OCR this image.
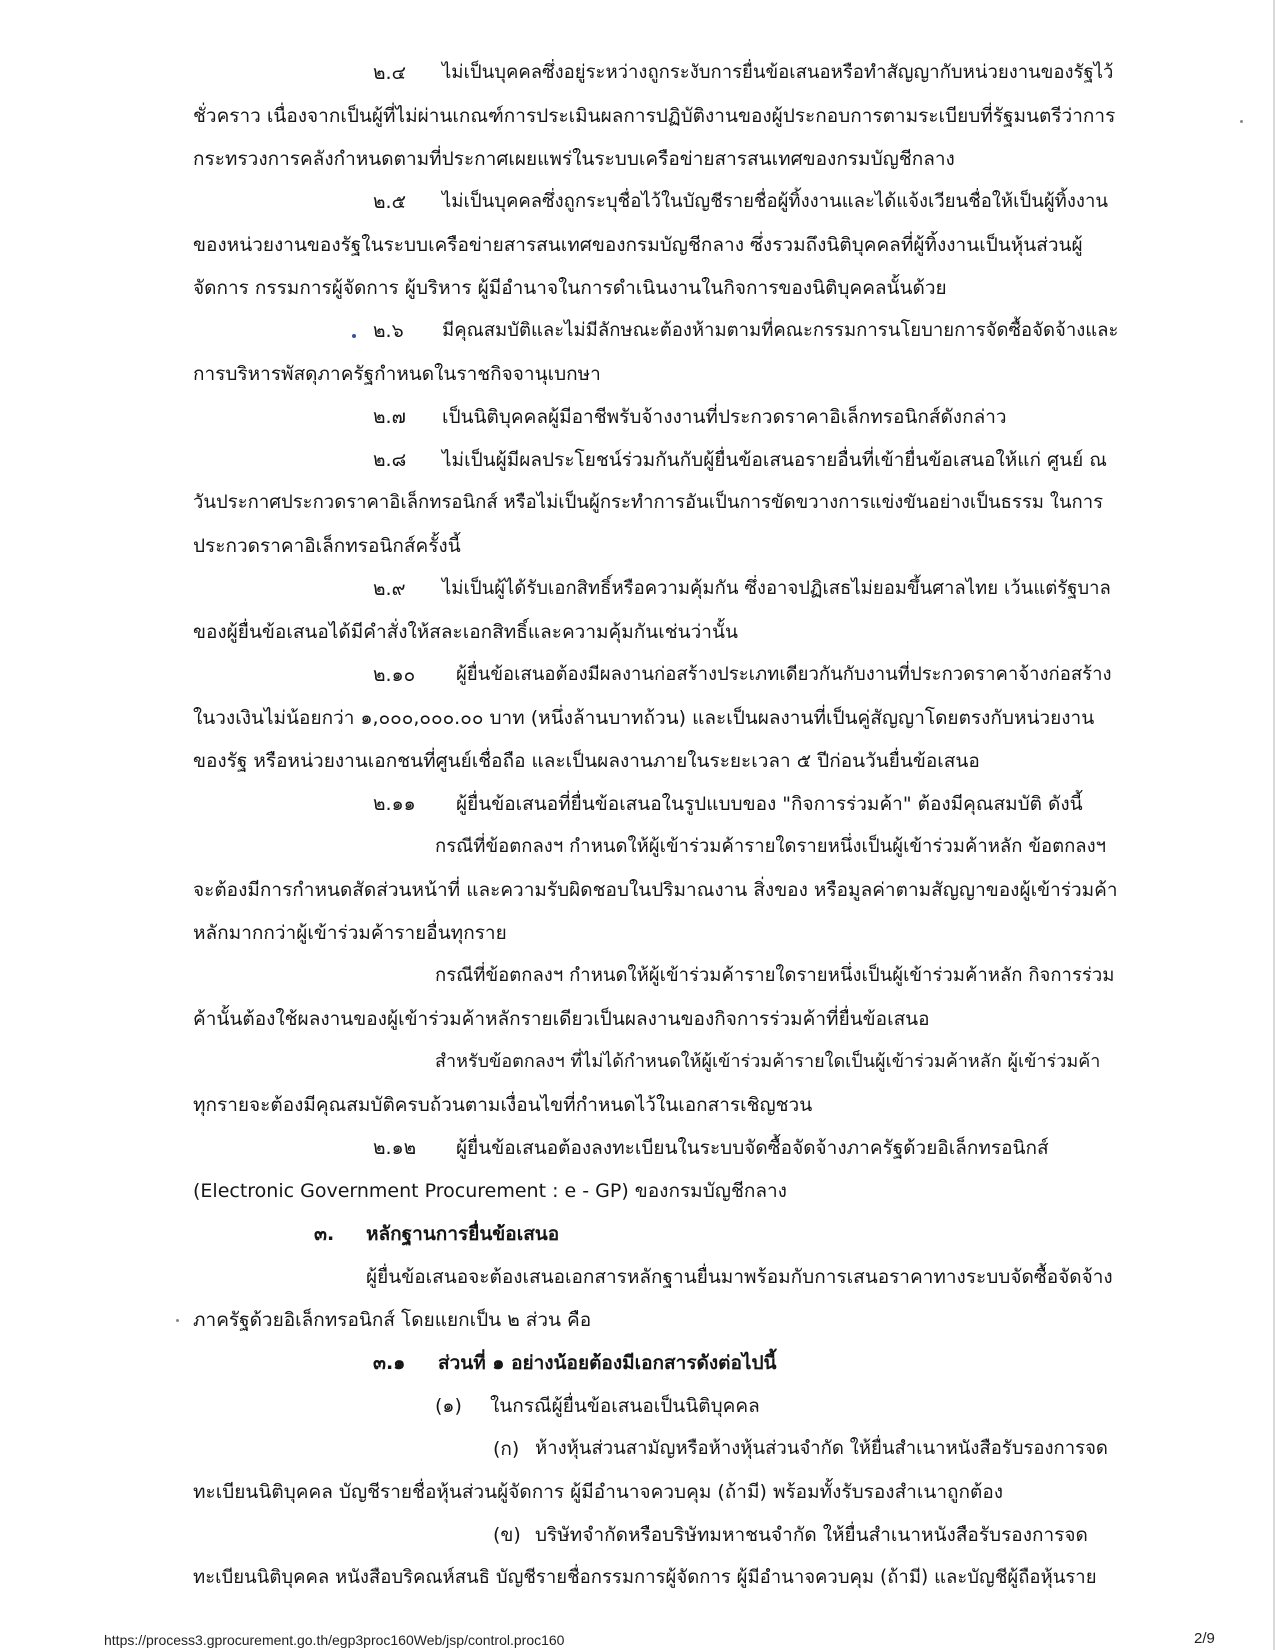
๒.๔ ไม่เป็นบุคคลซึ่งอยู่ระหว่างถูกระงับการยื่นข้อเสนอหรือทำสัญญากับหน่วยงานของรัฐไว้
ชั่วคราว เนื่องจากเป็นผู้ที่ไม่ผ่านเกณฑ์การประเมินผลการปฏิบัติงานของผู้ประกอบการตามระเบียบที่รัฐมนตรีว่าการ
กระทรวงการคลังกำหนดตามที่ประกาศเผยแพร่ในระบบเครือข่ายสารสนเทศของกรมบัญชีกลาง
๒.๕ ไม่เป็นบุคคลซึ่งถูกระบุชื่อไว้ในบัญชีรายชื่อผู้ทิ้งงานและได้แจ้งเวียนชื่อให้เป็นผู้ทิ้งงาน
ของหน่วยงานของรัฐในระบบเครือข่ายสารสนเทศของกรมบัญชีกลาง ซึ่งรวมถึงนิติบุคคลที่ผู้ทิ้งงานเป็นหุ้นส่วนผู้
จัดการ กรรมการผู้จัดการ ผู้บริหาร ผู้มีอำนาจในการดำเนินงานในกิจการของนิติบุคคลนั้นด้วย
๒.๖ มีคุณสมบัติและไม่มีลักษณะต้องห้ามตามที่คณะกรรมการนโยบายการจัดซื้อจัดจ้างและ
การบริหารพัสดุภาครัฐกำหนดในราชกิจจานุเบกษา
๒.๗ เป็นนิติบุคคลผู้มีอาชีพรับจ้างงานที่ประกวดราคาอิเล็กทรอนิกส์ดังกล่าว
๒.๘ ไม่เป็นผู้มีผลประโยชน์ร่วมกันกับผู้ยื่นข้อเสนอรายอื่นที่เข้ายื่นข้อเสนอให้แก่ ศูนย์ ณ
วันประกาศประกวดราคาอิเล็กทรอนิกส์ หรือไม่เป็นผู้กระทำการอันเป็นการขัดขวางการแข่งขันอย่างเป็นธรรม ในการ
ประกวดราคาอิเล็กทรอนิกส์ครั้งนี้
๒.๙ ไม่เป็นผู้ได้รับเอกสิทธิ์หรือความคุ้มกัน ซึ่งอาจปฏิเสธไม่ยอมขึ้นศาลไทย เว้นแต่รัฐบาล
ของผู้ยื่นข้อเสนอได้มีคำสั่งให้สละเอกสิทธิ์และความคุ้มกันเช่นว่านั้น
๒.๑๐ ผู้ยื่นข้อเสนอต้องมีผลงานก่อสร้างประเภทเดียวกันกับงานที่ประกวดราคาจ้างก่อสร้าง
ในวงเงินไม่น้อยกว่า ๑,๐๐๐,๐๐๐.๐๐ บาท (หนึ่งล้านบาทถ้วน) และเป็นผลงานที่เป็นคู่สัญญาโดยตรงกับหน่วยงาน
ของรัฐ หรือหน่วยงานเอกชนที่ศูนย์เชื่อถือ และเป็นผลงานภายในระยะเวลา ๕ ปีก่อนวันยื่นข้อเสนอ
๒.๑๑ ผู้ยื่นข้อเสนอที่ยื่นข้อเสนอในรูปแบบของ "กิจการร่วมค้า" ต้องมีคุณสมบัติ ดังนี้
กรณีที่ข้อตกลงฯ กำหนดให้ผู้เข้าร่วมค้ารายใดรายหนึ่งเป็นผู้เข้าร่วมค้าหลัก ข้อตกลงฯ
จะต้องมีการกำหนดสัดส่วนหน้าที่ และความรับผิดชอบในปริมาณงาน สิ่งของ หรือมูลค่าตามสัญญาของผู้เข้าร่วมค้า
หลักมากกว่าผู้เข้าร่วมค้ารายอื่นทุกราย
กรณีที่ข้อตกลงฯ กำหนดให้ผู้เข้าร่วมค้ารายใดรายหนึ่งเป็นผู้เข้าร่วมค้าหลัก กิจการร่วม
ค้านั้นต้องใช้ผลงานของผู้เข้าร่วมค้าหลักรายเดียวเป็นผลงานของกิจการร่วมค้าที่ยื่นข้อเสนอ
สำหรับข้อตกลงฯ ที่ไม่ได้กำหนดให้ผู้เข้าร่วมค้ารายใดเป็นผู้เข้าร่วมค้าหลัก ผู้เข้าร่วมค้า
ทุกรายจะต้องมีคุณสมบัติครบถ้วนตามเงื่อนไขที่กำหนดไว้ในเอกสารเชิญชวน
๒.๑๒ ผู้ยื่นข้อเสนอต้องลงทะเบียนในระบบจัดซื้อจัดจ้างภาครัฐด้วยอิเล็กทรอนิกส์
(Electronic Government Procurement : e - GP) ของกรมบัญชีกลาง
๓. หลักฐานการยื่นข้อเสนอ
ผู้ยื่นข้อเสนอจะต้องเสนอเอกสารหลักฐานยื่นมาพร้อมกับการเสนอราคาทางระบบจัดซื้อจัดจ้าง
ภาครัฐด้วยอิเล็กทรอนิกส์ โดยแยกเป็น ๒ ส่วน คือ
๓.๑ ส่วนที่ ๑ อย่างน้อยต้องมีเอกสารดังต่อไปนี้
(๑) ในกรณีผู้ยื่นข้อเสนอเป็นนิติบุคคล
(ก) ห้างหุ้นส่วนสามัญหรือห้างหุ้นส่วนจำกัด ให้ยื่นสำเนาหนังสือรับรองการจด
ทะเบียนนิติบุคคล บัญชีรายชื่อหุ้นส่วนผู้จัดการ ผู้มีอำนาจควบคุม (ถ้ามี) พร้อมทั้งรับรองสำเนาถูกต้อง
(ข) บริษัทจำกัดหรือบริษัทมหาชนจำกัด ให้ยื่นสำเนาหนังสือรับรองการจด
ทะเบียนนิติบุคคล หนังสือบริคณห์สนธิ บัญชีรายชื่อกรรมการผู้จัดการ ผู้มีอำนาจควบคุม (ถ้ามี) และบัญชีผู้ถือหุ้นราย
https://process3.gprocurement.go.th/egp3proc160Web/jsp/control.proc160	2/9
